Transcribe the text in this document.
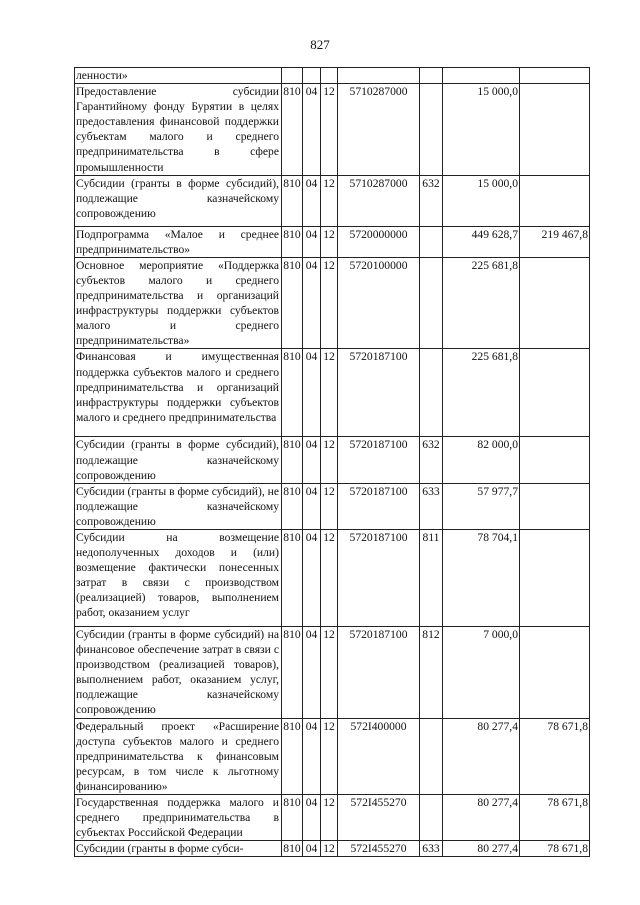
827
ленности»							
Предоставление субсидии Гарантийному фонду Бурятии в целях предоставления финансовой поддержки субъектам малого и среднего предпринимательства в сфере промышленности	810	04	12	5710287000		15 000,0	
Субсидии (гранты в форме субсидий), подлежащие казначейскому сопровождению	810	04	12	5710287000	632	15 000,0	
Подпрограмма «Малое и среднее предпринимательство»	810	04	12	5720000000		449 628,7	219 467,8
Основное мероприятие «Поддержка субъектов малого и среднего предпринимательства и организаций инфраструктуры поддержки субъектов малого и среднего предпринимательства»	810	04	12	5720100000		225 681,8	
Финансовая и имущественная поддержка субъектов малого и среднего предпринимательства и организаций инфраструктуры поддержки субъектов малого и среднего предпринимательства	810	04	12	5720187100		225 681,8	
Субсидии (гранты в форме субсидий), подлежащие казначейскому сопровождению	810	04	12	5720187100	632	82 000,0	
Субсидии (гранты в форме субсидий), не подлежащие казначейскому сопровождению	810	04	12	5720187100	633	57 977,7	
Субсидии на возмещение недополученных доходов и (или) возмещение фактически понесенных затрат в связи с производством (реализацией) товаров, выполнением работ, оказанием услуг	810	04	12	5720187100	811	78 704,1	
Субсидии (гранты в форме субсидий) на финансовое обеспечение затрат в связи с производством (реализацией товаров), выполнением работ, оказанием услуг, подлежащие казначейскому сопровождению	810	04	12	5720187100	812	7 000,0	
Федеральный проект «Расширение доступа субъектов малого и среднего предпринимательства к финансовым ресурсам, в том числе к льготному финансированию»	810	04	12	572I400000		80 277,4	78 671,8
Государственная поддержка малого и среднего предпринимательства в субъектах Российской Федерации	810	04	12	572I455270		80 277,4	78 671,8
Субсидии (гранты в форме субси-	810	04	12	572I455270	633	80 277,4	78 671,8
